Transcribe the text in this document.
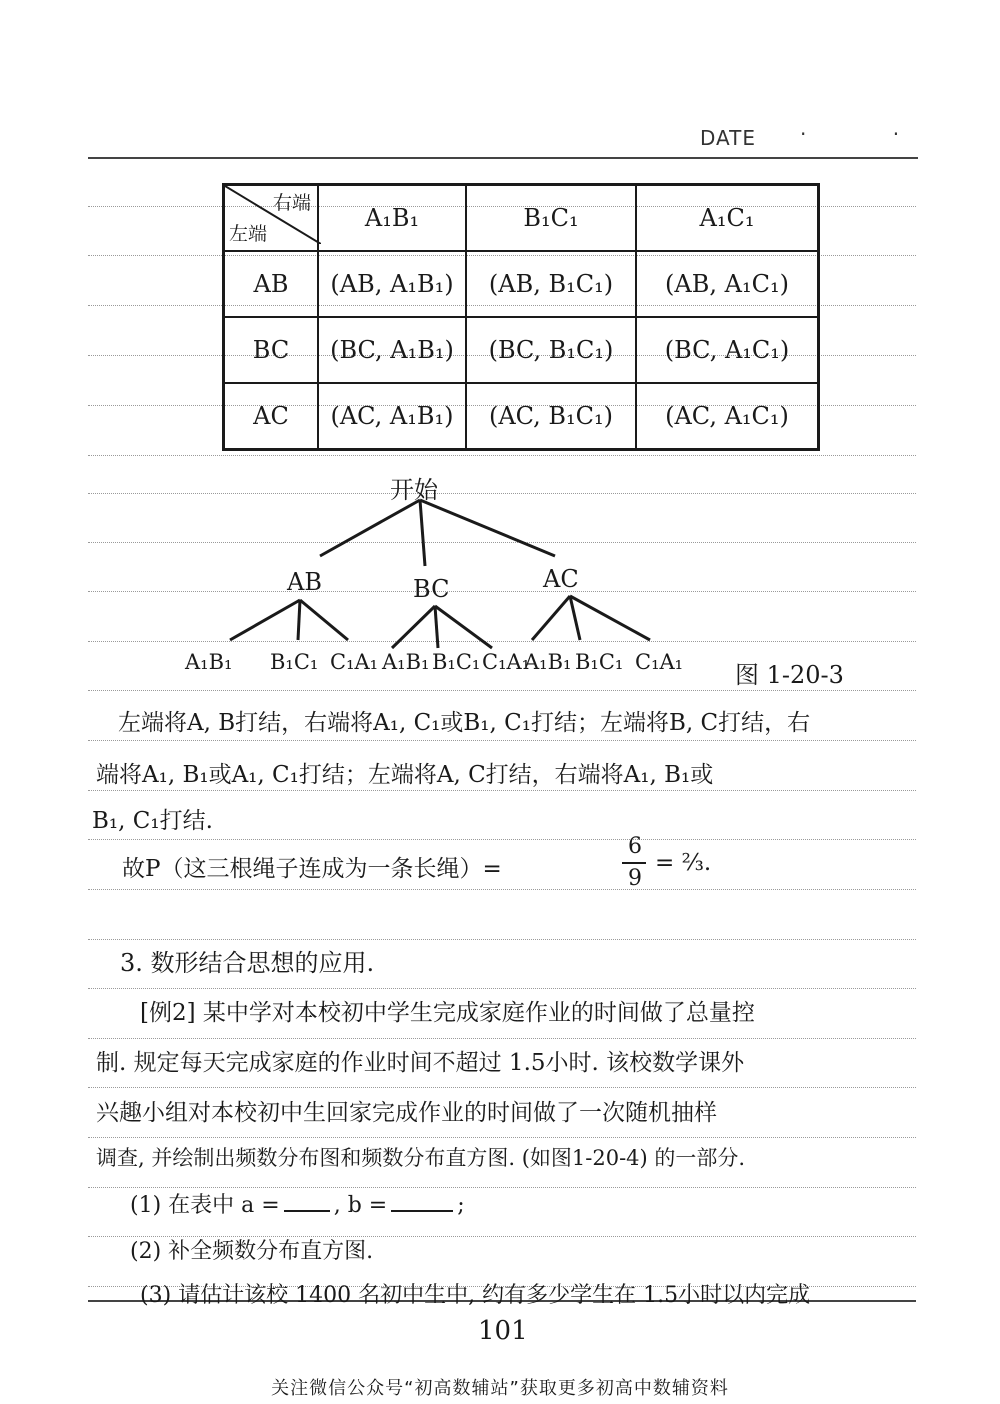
DATE · ·
右端
左端	A₁B₁	B₁C₁	A₁C₁
AB	(AB, A₁B₁)	(AB, B₁C₁)	(AB, A₁C₁)
BC	(BC, A₁B₁)	(BC, B₁C₁)	(BC, A₁C₁)
AC	(AC, A₁B₁)	(AC, B₁C₁)	(AC, A₁C₁)
开始
AB	BC	AC
A₁B₁ B₁C₁ C₁A₁ A₁B₁ B₁C₁ C₁A₁
A₁B₁ B₁C₁ C₁A₁ 图 1-20-3
左端将A, B打结，右端将A₁, C₁或B₁, C₁打结；左端将B, C打结，右
端将A₁, B₁或A₁, C₁打结；左端将A, C打结，右端将A₁, B₁或
B₁, C₁打结.
故P（这三根绳子连成为一条长绳）=
6
9
= ⅔.
3. 数形结合思想的应用.
[例2] 某中学对本校初中学生完成家庭作业的时间做了总量控
制. 规定每天完成家庭的作业时间不超过 1.5小时. 该校数学课外
兴趣小组对本校初中生回家完成作业的时间做了一次随机抽样
调查, 并绘制出频数分布图和频数分布直方图. (如图1-20-4) 的一部分.
(1) 在表中 a = , b =	;
(2) 补全频数分布直方图.
(3) 请估计该校 1400 名初中生中, 约有多少学生在 1.5小时以内完成
101
关注微信公众号“初高数辅站”获取更多初高中数辅资料
